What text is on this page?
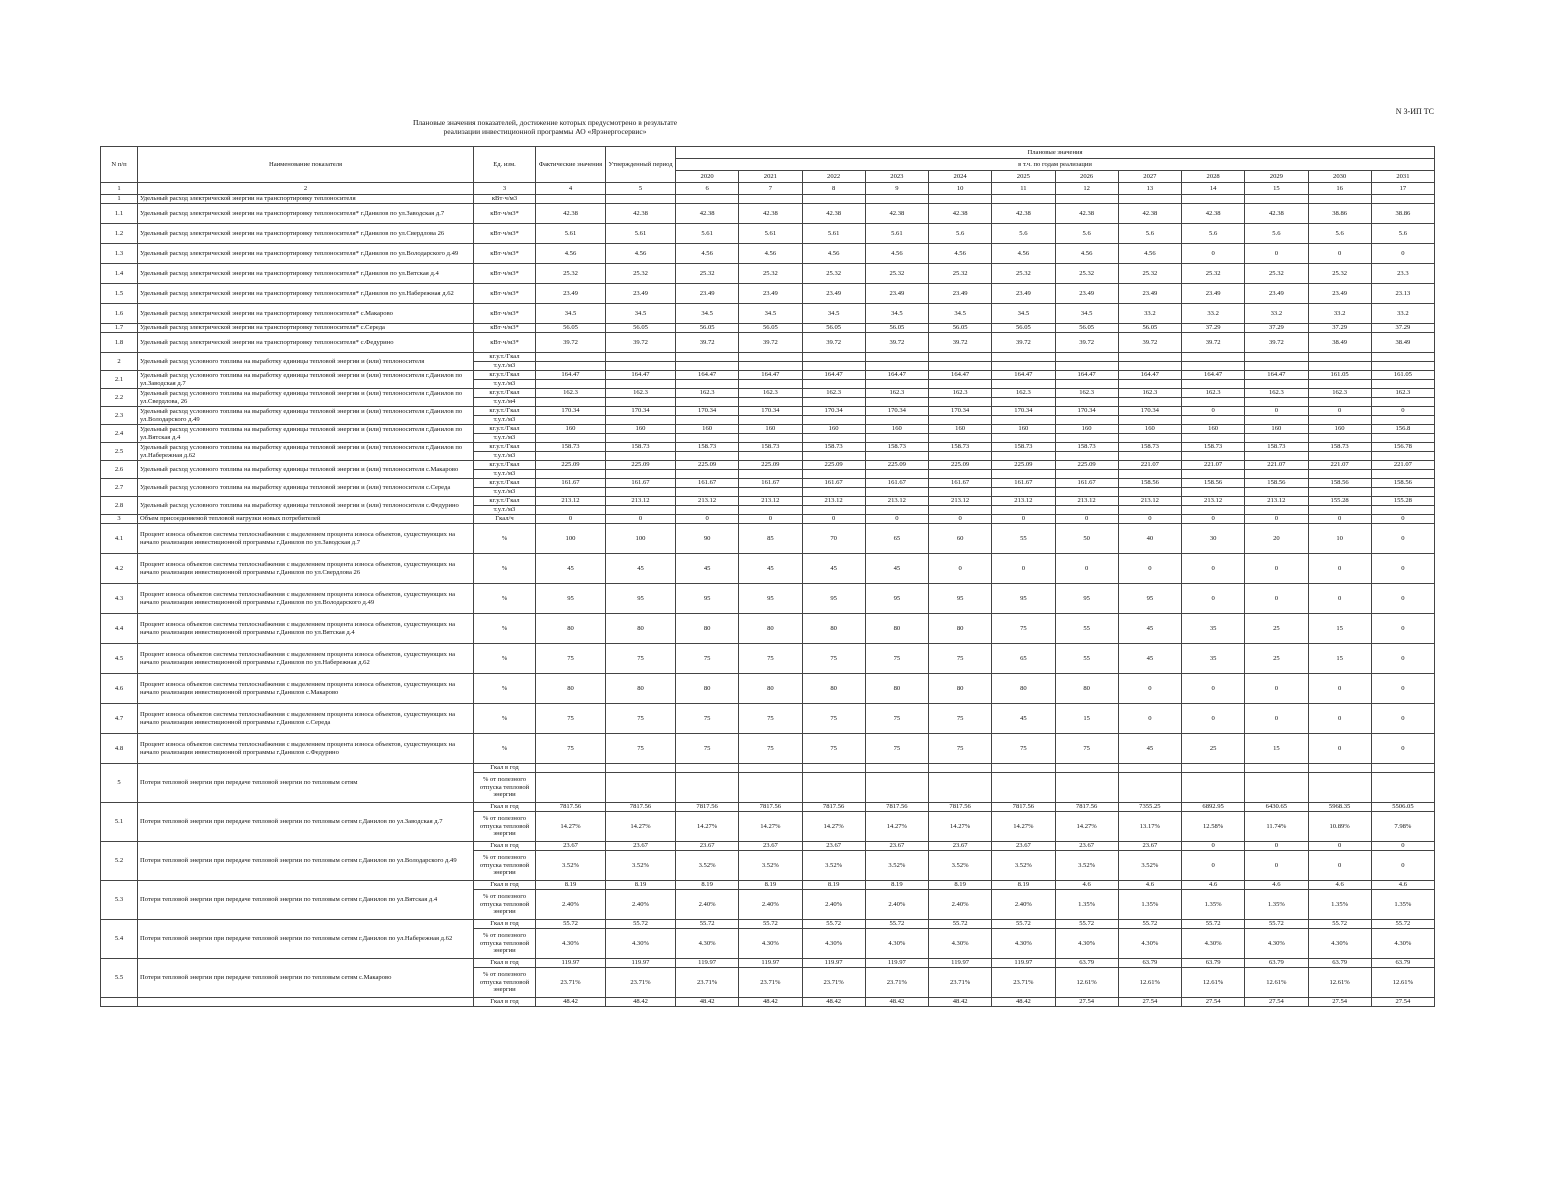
N 3-ИП ТС
Плановые значения показателей, достижение которых предусмотрено в результате
реализации инвестиционной программы АО «Ярэнергосервис»
N п/п	Наименование показателя	Ед. изм.	Фактические значения	Утвержденный период	Плановые значения											
					в т.ч. по годам реализации											
					2020	2021	2022	2023	2024	2025	2026	2027	2028	2029	2030	2031
1	2	3	4	5	6	7	8	9	10	11	12	13	14	15	16	17
1	Удельный расход электрической энергии на транспортировку теплоносителя	кВт·ч/м3														
1.1	Удельный расход электрической энергии на транспортировку теплоносителя* г.Данилов по ул.Заводская д.7	кВт·ч/м3*	42.38	42.38	42.38	42.38	42.38	42.38	42.38	42.38	42.38	42.38	42.38	42.38	38.86	38.86
1.2	Удельный расход электрической энергии на транспортировку теплоносителя* г.Данилов по ул.Свердлова 26	кВт·ч/м3*	5.61	5.61	5.61	5.61	5.61	5.61	5.6	5.6	5.6	5.6	5.6	5.6	5.6	5.6
1.3	Удельный расход электрической энергии на транспортировку теплоносителя* г.Данилов по ул.Володарского д.49	кВт·ч/м3*	4.56	4.56	4.56	4.56	4.56	4.56	4.56	4.56	4.56	4.56	0	0	0	0
1.4	Удельный расход электрической энергии на транспортировку теплоносителя* г.Данилов по ул.Вятская д.4	кВт·ч/м3*	25.32	25.32	25.32	25.32	25.32	25.32	25.32	25.32	25.32	25.32	25.32	25.32	25.32	23.3
1.5	Удельный расход электрической энергии на транспортировку теплоносителя* г.Данилов по ул.Набережная д.62	кВт·ч/м3*	23.49	23.49	23.49	23.49	23.49	23.49	23.49	23.49	23.49	23.49	23.49	23.49	23.49	23.13
1.6	Удельный расход электрической энергии на транспортировку теплоносителя* с.Макарово	кВт·ч/м3*	34.5	34.5	34.5	34.5	34.5	34.5	34.5	34.5	34.5	33.2	33.2	33.2	33.2	33.2
1.7	Удельный расход электрической энергии на транспортировку теплоносителя* с.Середа	кВт·ч/м3*	56.05	56.05	56.05	56.05	56.05	56.05	56.05	56.05	56.05	56.05	37.29	37.29	37.29	37.29
1.8	Удельный расход электрической энергии на транспортировку теплоносителя* с.Федурино	кВт·ч/м3*	39.72	39.72	39.72	39.72	39.72	39.72	39.72	39.72	39.72	39.72	39.72	39.72	38.49	38.49
2	Удельный расход условного топлива на выработку единицы тепловой энергии и (или) теплоносителя	кг.у.т./Гкал														
		т.у.т./м3														
2.1	Удельный расход условного топлива на выработку единицы тепловой энергии и (или) теплоносителя г.Данилов по ул.Заводская д.7	кг.у.т./Гкал	164.47	164.47	164.47	164.47	164.47	164.47	164.47	164.47	164.47	164.47	164.47	164.47	161.05	161.05
		т.у.т./м3														
2.2	Удельный расход условного топлива на выработку единицы тепловой энергии и (или) теплоносителя г.Данилов по ул.Свердлова, 26	кг.у.т./Гкал	162.3	162.3	162.3	162.3	162.3	162.3	162.3	162.3	162.3	162.3	162.3	162.3	162.3	162.3
		т.у.т./м4														
2.3	Удельный расход условного топлива на выработку единицы тепловой энергии и (или) теплоносителя г.Данилов по ул.Володарского д.49	кг.у.т./Гкал	170.34	170.34	170.34	170.34	170.34	170.34	170.34	170.34	170.34	170.34	0	0	0	0
		т.у.т./м3														
2.4	Удельный расход условного топлива на выработку единицы тепловой энергии и (или) теплоносителя г.Данилов по ул.Вятская д.4	кг.у.т./Гкал	160	160	160	160	160	160	160	160	160	160	160	160	160	156.8
		т.у.т./м3														
2.5	Удельный расход условного топлива на выработку единицы тепловой энергии и (или) теплоносителя г.Данилов по ул.Набережная д.62	кг.у.т./Гкал	158.73	158.73	158.73	158.73	158.73	158.73	158.73	158.73	158.73	158.73	158.73	158.73	158.73	156.78
		т.у.т./м3														
2.6	Удельный расход условного топлива на выработку единицы тепловой энергии и (или) теплоносителя с.Макарово	кг.у.т./Гкал	225.09	225.09	225.09	225.09	225.09	225.09	225.09	225.09	225.09	221.07	221.07	221.07	221.07	221.07
		т.у.т./м3														
2.7	Удельный расход условного топлива на выработку единицы тепловой энергии и (или) теплоносителя с.Середа	кг.у.т./Гкал	161.67	161.67	161.67	161.67	161.67	161.67	161.67	161.67	161.67	158.56	158.56	158.56	158.56	158.56
		т.у.т./м3														
2.8	Удельный расход условного топлива на выработку единицы тепловой энергии и (или) теплоносителя с.Федурино	кг.у.т./Гкал	213.12	213.12	213.12	213.12	213.12	213.12	213.12	213.12	213.12	213.12	213.12	213.12	155.28	155.28
		т.у.т./м3														
3	Объем присоединяемой тепловой нагрузки новых потребителей	Гкал/ч	0	0	0	0	0	0	0	0	0	0	0	0	0	0
4.1	Процент износа объектов системы теплоснабжения с выделением процента износа объектов, существующих на начало реализации инвестиционной программы г.Данилов по ул.Заводская д.7	%	100	100	90	85	70	65	60	55	50	40	30	20	10	0
4.2	Процент износа объектов системы теплоснабжения с выделением процента износа объектов, существующих на начало реализации инвестиционной программы г.Данилов по ул.Свердлова 26	%	45	45	45	45	45	45	0	0	0	0	0	0	0	0
4.3	Процент износа объектов системы теплоснабжения с выделением процента износа объектов, существующих на начало реализации инвестиционной программы г.Данилов по ул.Володарского д.49	%	95	95	95	95	95	95	95	95	95	95	0	0	0	0
4.4	Процент износа объектов системы теплоснабжения с выделением процента износа объектов, существующих на начало реализации инвестиционной программы г.Данилов по ул.Вятская д.4	%	80	80	80	80	80	80	80	75	55	45	35	25	15	0
4.5	Процент износа объектов системы теплоснабжения с выделением процента износа объектов, существующих на начало реализации инвестиционной программы г.Данилов по ул.Набережная д.62	%	75	75	75	75	75	75	75	65	55	45	35	25	15	0
4.6	Процент износа объектов системы теплоснабжения с выделением процента износа объектов, существующих на начало реализации инвестиционной программы г.Данилов с.Макарово	%	80	80	80	80	80	80	80	80	80	0	0	0	0	0
4.7	Процент износа объектов системы теплоснабжения с выделением процента износа объектов, существующих на начало реализации инвестиционной программы г.Данилов с.Середа	%	75	75	75	75	75	75	75	45	15	0	0	0	0	0
4.8	Процент износа объектов системы теплоснабжения с выделением процента износа объектов, существующих на начало реализации инвестиционной программы г.Данилов с.Федурино	%	75	75	75	75	75	75	75	75	75	45	25	15	0	0
5	Потери тепловой энергии при передаче тепловой энергии по тепловым сетям	Гкал в год														
		% от полезного отпуска тепловой энергии														
5.1	Потери тепловой энергии при передаче тепловой энергии по тепловым сетям г.Данилов по ул.Заводская д.7	Гкал в год	7817.56	7817.56	7817.56	7817.56	7817.56	7817.56	7817.56	7817.56	7817.56	7355.25	6892.95	6430.65	5968.35	5506.05
		% от полезного отпуска тепловой энергии	14.27%	14.27%	14.27%	14.27%	14.27%	14.27%	14.27%	14.27%	14.27%	13.17%	12.58%	11.74%	10.89%	7.98%
5.2	Потери тепловой энергии при передаче тепловой энергии по тепловым сетям г.Данилов по ул.Володарского д.49	Гкал в год	23.67	23.67	23.67	23.67	23.67	23.67	23.67	23.67	23.67	23.67	0	0	0	0
		% от полезного отпуска тепловой энергии	3.52%	3.52%	3.52%	3.52%	3.52%	3.52%	3.52%	3.52%	3.52%	3.52%	0	0	0	0
5.3	Потери тепловой энергии при передаче тепловой энергии по тепловым сетям г.Данилов по ул.Вятская д.4	Гкал в год	8.19	8.19	8.19	8.19	8.19	8.19	8.19	8.19	4.6	4.6	4.6	4.6	4.6	4.6
		% от полезного отпуска тепловой энергии	2.40%	2.40%	2.40%	2.40%	2.40%	2.40%	2.40%	2.40%	1.35%	1.35%	1.35%	1.35%	1.35%	1.35%
5.4	Потери тепловой энергии при передаче тепловой энергии по тепловым сетям г.Данилов по ул.Набережная д.62	Гкал в год	55.72	55.72	55.72	55.72	55.72	55.72	55.72	55.72	55.72	55.72	55.72	55.72	55.72	55.72
		% от полезного отпуска тепловой энергии	4.30%	4.30%	4.30%	4.30%	4.30%	4.30%	4.30%	4.30%	4.30%	4.30%	4.30%	4.30%	4.30%	4.30%
5.5	Потери тепловой энергии при передаче тепловой энергии по тепловым сетям с.Макарово	Гкал в год	119.97	119.97	119.97	119.97	119.97	119.97	119.97	119.97	63.79	63.79	63.79	63.79	63.79	63.79
		% от полезного отпуска тепловой энергии	23.71%	23.71%	23.71%	23.71%	23.71%	23.71%	23.71%	23.71%	12.61%	12.61%	12.61%	12.61%	12.61%	12.61%
		Гкал в год	48.42	48.42	48.42	48.42	48.42	48.42	48.42	48.42	27.54	27.54	27.54	27.54	27.54	27.54
